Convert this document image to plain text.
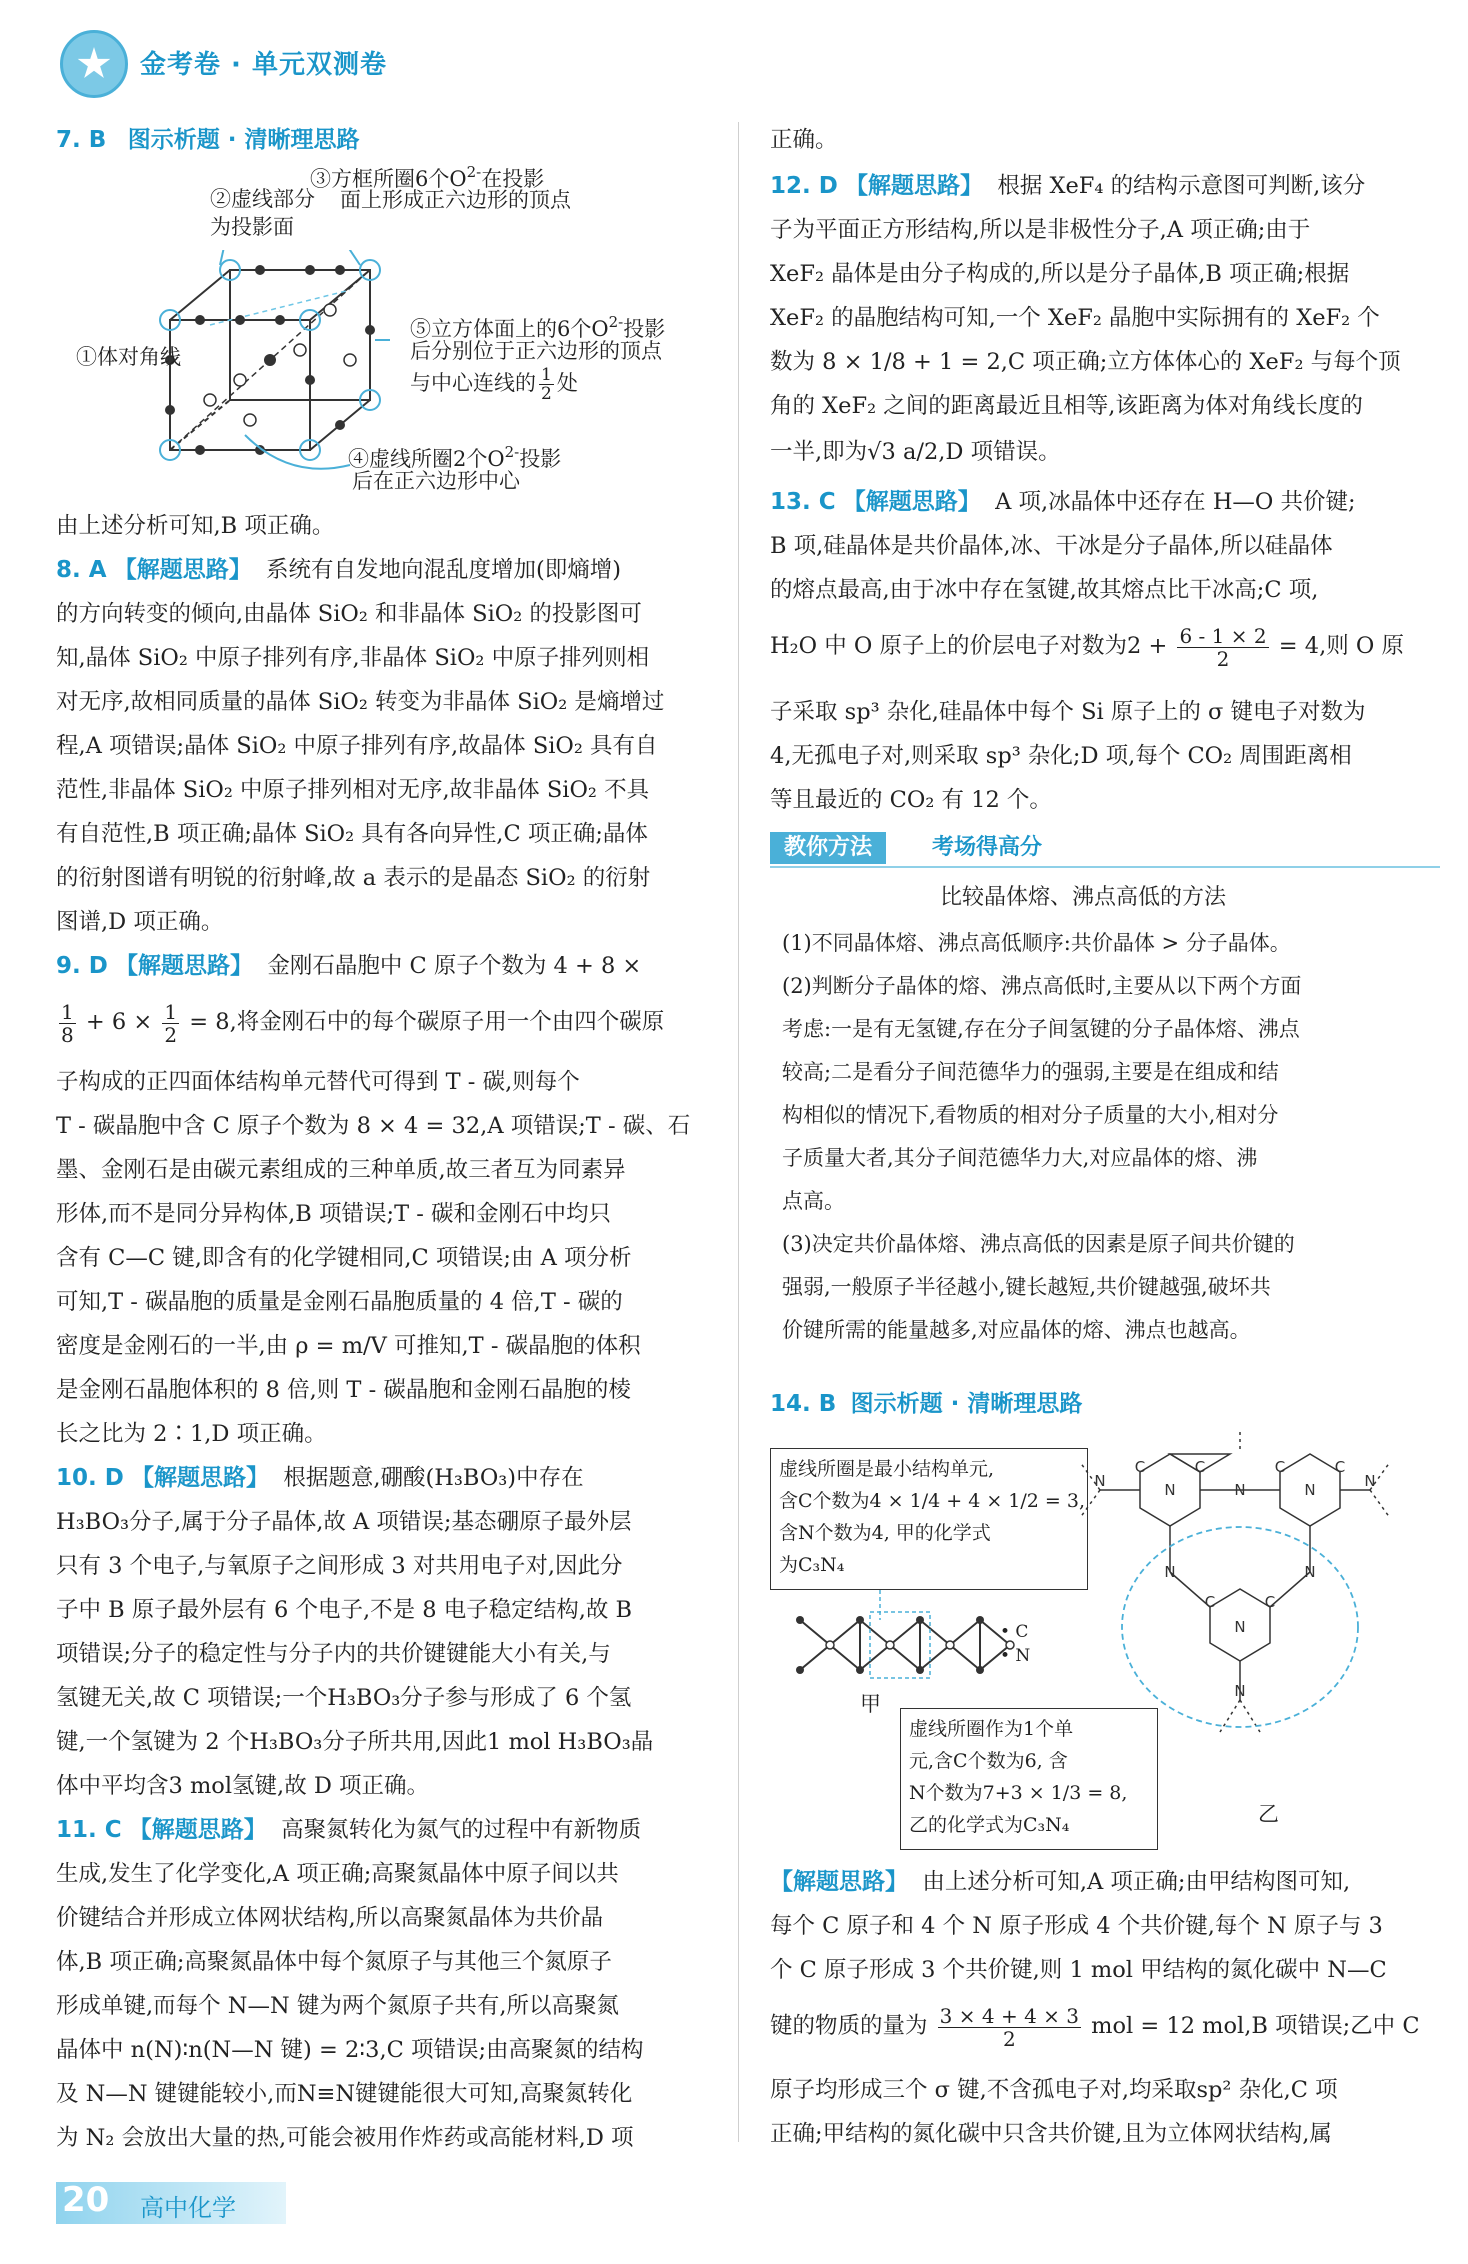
金考卷 · 单元双测卷
7. B 图示析题 · 清晰理思路
②虚线部分
为投影面
③方框所圈6个$O^{2-}$在投影
面上形成正六边形的顶点
①体对角线
⑤立方体面上的6个$O^{2-}$投影
后分别位于正六边形的顶点
与中心连线的 $\frac{1}{2}$ 处
④虚线所圈2个$O^{2-}$投影
后在正六边形中心
由上述分析可知,B 项正确。
8. A 【解题思路】 系统有自发地向混乱度增加(即熵增)
的方向转变的倾向,由晶体 SiO₂ 和非晶体 SiO₂ 的投影图可
知,晶体 SiO₂ 中原子排列有序,非晶体 SiO₂ 中原子排列则相
对无序,故相同质量的晶体 SiO₂ 转变为非晶体 SiO₂ 是熵增过
程,A 项错误;晶体 SiO₂ 中原子排列有序,故晶体 SiO₂ 具有自
范性,非晶体 SiO₂ 中原子排列相对无序,故非晶体 SiO₂ 不具
有自范性,B 项正确;晶体 SiO₂ 具有各向异性,C 项正确;晶体
的衍射图谱有明锐的衍射峰,故 a 表示的是晶态 SiO₂ 的衍射
图谱,D 项正确。
9. D 【解题思路】 金刚石晶胞中 C 原子个数为 4 + 8 ×
$\frac{1}{8} + 6 \times \frac{1}{2} = 8$,将金刚石中的每个碳原子用一个由四个碳原
子构成的正四面体结构单元替代可得到 T - 碳,则每个
T - 碳晶胞中含 C 原子个数为 8 × 4 = 32,A 项错误;T - 碳、石
墨、金刚石是由碳元素组成的三种单质,故三者互为同素异
形体,而不是同分异构体,B 项错误;T - 碳和金刚石中均只
含有 C—C 键,即含有的化学键相同,C 项错误;由 A 项分析
可知,T - 碳晶胞的质量是金刚石晶胞质量的 4 倍,T - 碳的
密度是金刚石的一半,由 ρ = m/V 可推知,T - 碳晶胞的体积
是金刚石晶胞体积的 8 倍,则 T - 碳晶胞和金刚石晶胞的棱
长之比为 2∶1,D 项正确。
10. D 【解题思路】 根据题意,硼酸(H₃BO₃)中存在
H₃BO₃分子,属于分子晶体,故 A 项错误;基态硼原子最外层
只有 3 个电子,与氧原子之间形成 3 对共用电子对,因此分
子中 B 原子最外层有 6 个电子,不是 8 电子稳定结构,故 B
项错误;分子的稳定性与分子内的共价键键能大小有关,与
氢键无关,故 C 项错误;一个H₃BO₃分子参与形成了 6 个氢
键,一个氢键为 2 个H₃BO₃分子所共用,因此1 mol H₃BO₃晶
体中平均含3 mol氢键,故 D 项正确。
11. C 【解题思路】 高聚氮转化为氮气的过程中有新物质
生成,发生了化学变化,A 项正确;高聚氮晶体中原子间以共
价键结合并形成立体网状结构,所以高聚氮晶体为共价晶
体,B 项正确;高聚氮晶体中每个氮原子与其他三个氮原子
形成单键,而每个 N—N 键为两个氮原子共有,所以高聚氮
晶体中 n(N)∶n(N—N 键) = 2∶3,C 项错误;由高聚氮的结构
及 N—N 键键能较小,而N≡N键键能很大可知,高聚氮转化
为 N₂ 会放出大量的热,可能会被用作炸药或高能材料,D 项
正确。
12. D 【解题思路】 根据 XeF₄ 的结构示意图可判断,该分
子为平面正方形结构,所以是非极性分子,A 项正确;由于
XeF₂ 晶体是由分子构成的,所以是分子晶体,B 项正确;根据
XeF₂ 的晶胞结构可知,一个 XeF₂ 晶胞中实际拥有的 XeF₂ 个
数为 8 × 1/8 + 1 = 2,C 项正确;立方体体心的 XeF₂ 与每个顶
角的 XeF₂ 之间的距离最近且相等,该距离为体对角线长度的
一半,即为√3 a/2,D 项错误。
13. C 【解题思路】 A 项,冰晶体中还存在 H—O 共价键;
B 项,硅晶体是共价晶体,冰、干冰是分子晶体,所以硅晶体
的熔点最高,由于冰中存在氢键,故其熔点比干冰高;C 项,
H₂O 中 O 原子上的价层电子对数为$2 + \frac{6 - 1 \times 2}{2} = 4$,则 O 原
子采取 sp³ 杂化,硅晶体中每个 Si 原子上的 σ 键电子对数为
4,无孤电子对,则采取 sp³ 杂化;D 项,每个 CO₂ 周围距离相
等且最近的 CO₂ 有 12 个。
教你方法	考场得高分
比较晶体熔、沸点高低的方法
(1)不同晶体熔、沸点高低顺序:共价晶体 > 分子晶体。
(2)判断分子晶体的熔、沸点高低时,主要从以下两个方面
考虑:一是有无氢键,存在分子间氢键的分子晶体熔、沸点
较高;二是看分子间范德华力的强弱,主要是在组成和结
构相似的情况下,看物质的相对分子质量的大小,相对分
子质量大者,其分子间范德华力大,对应晶体的熔、沸
点高。
(3)决定共价晶体熔、沸点高低的因素是原子间共价键的
强弱,一般原子半径越小,键长越短,共价键越强,破坏共
价键所需的能量越多,对应晶体的熔、沸点也越高。
14. B 图示析题 · 清晰理思路
虚线所圈是最小结构单元,
含C个数为4 × 1/4 + 4 × 1/2 = 3,
含N个数为4, 甲的化学式
为C₃N₄
• C
• N
甲
N	N	N	N	N
N	N
N
N
C	C	C	C
C	C
虚线所圈作为1个单
元,含C个数为6, 含
N个数为7+3 × 1/3 = 8,
乙的化学式为C₃N₄	乙
【解题思路】 由上述分析可知,A 项正确;由甲结构图可知,
每个 C 原子和 4 个 N 原子形成 4 个共价键,每个 N 原子与 3
个 C 原子形成 3 个共价键,则 1 mol 甲结构的氮化碳中 N—C
键的物质的量为 $\frac{3 \times 4 + 4 \times 3}{2}$ mol = 12 mol,B 项错误;乙中 C
原子均形成三个 σ 键,不含孤电子对,均采取sp² 杂化,C 项
正确;甲结构的氮化碳中只含共价键,且为立体网状结构,属
20 高中化学
